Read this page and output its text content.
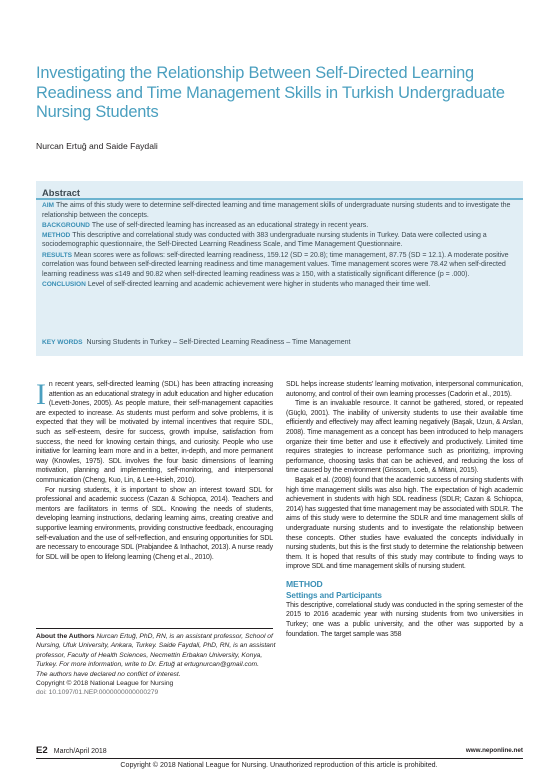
Investigating the Relationship Between Self-Directed Learning Readiness and Time Management Skills in Turkish Undergraduate Nursing Students
Nurcan Ertuğ and Saide Faydali
Abstract

AIM The aims of this study were to determine self-directed learning and time management skills of undergraduate nursing students and to investigate the relationship between the concepts.

BACKGROUND The use of self-directed learning has increased as an educational strategy in recent years.

METHOD This descriptive and correlational study was conducted with 383 undergraduate nursing students in Turkey. Data were collected using a sociodemographic questionnaire, the Self-Directed Learning Readiness Scale, and Time Management Questionnaire.

RESULTS Mean scores were as follows: self-directed learning readiness, 159.12 (SD = 20.8); time management, 87.75 (SD = 12.1). A moderate positive correlation was found between self-directed learning readiness and time management values. Time management scores were 78.42 when self-directed learning readiness was ≤149 and 90.82 when self-directed learning readiness was ≥ 150, with a statistically significant difference (p = .000).

CONCLUSION Level of self-directed learning and academic achievement were higher in students who managed their time well.

KEY WORDS Nursing Students in Turkey – Self-Directed Learning Readiness – Time Management

In recent years, self-directed learning (SDL) has been attracting increasing attention as an educational strategy in adult education and higher education (Levett-Jones, 2005). As people mature, their self-management capacities are expected to increase. As students must perform and solve problems, it is expected that they will be motivated by internal incentives that require SDL, such as self-esteem, desire for success, growth impulse, satisfaction from success, the need for knowing certain things, and curiosity. People who use initiative for learning learn more and in a better, in-depth, and more permanent way (Knowles, 1975). SDL involves the four basic dimensions of learning motivation, planning and implementing, self-monitoring, and interpersonal communication (Cheng, Kuo, Lin, & Lee-Hsieh, 2010).

For nursing students, it is important to show an interest toward SDL for professional and academic success (Cazan & Schiopca, 2014). Teachers and mentors are facilitators in terms of SDL. Knowing the needs of students, developing learning instructions, declaring learning aims, creating creative and supportive learning environments, providing constructive feedback, encouraging self-evaluation and the use of self-reflection, and ensuring opportunities for SDL are necessary to encourage SDL (Prabjandee & Inthachot, 2013). A nurse ready for SDL will be open to lifelong learning (Cheng et al., 2010).

About the Authors Nurcan Ertuğ, PhD, RN, is an assistant professor, School of Nursing, Ufuk University, Ankara, Turkey. Saide Faydali, PhD, RN, is an assistant professor, Faculty of Health Sciences, Necmettin Erbakan University, Konya, Turkey. For more information, write to Dr. Ertuğ at ertugnurcan@gmail.com.
The authors have declared no conflict of interest.
Copyright © 2018 National League for Nursing
doi: 10.1097/01.NEP.0000000000000279

SDL helps increase students' learning motivation, interpersonal communication, autonomy, and control of their own learning processes (Cadorin et al., 2015).

Time is an invaluable resource. It cannot be gathered, stored, or repeated (Güçlü, 2001). The inability of university students to use their available time efficiently and effectively may affect learning negatively (Başak, Uzun, & Arslan, 2008). Time management as a concept has been introduced to help managers organize their time better and use it effectively and productively. Limited time requires strategies to increase performance such as prioritizing, improving performance, choosing tasks that can be achieved, and reducing the loss of time caused by the environment (Grissom, Loeb, & Mitani, 2015).

Başak et al. (2008) found that the academic success of nursing students with high time management skills was also high. The expectation of high academic achievement in students with high SDL readiness (SDLR; Cazan & Schiopca, 2014) has suggested that time management may be associated with SDLR. The aims of this study were to determine the SDLR and time management skills of undergraduate nursing students and to investigate the relationship between these concepts. Other studies have evaluated the concepts individually in nursing students, but this is the first study to determine the relationship between them. It is hoped that results of this study may contribute to finding ways to improve SDL and time management skills of nursing student.

METHOD
Settings and Participants

This descriptive, correlational study was conducted in the spring semester of the 2015 to 2016 academic year with nursing students from two universities in Turkey; one was a public university, and the other was supported by a foundation. The target sample was 358

E2 March/April 2018	www.neponline.net
Copyright © 2018 National League for Nursing. Unauthorized reproduction of this article is prohibited.
